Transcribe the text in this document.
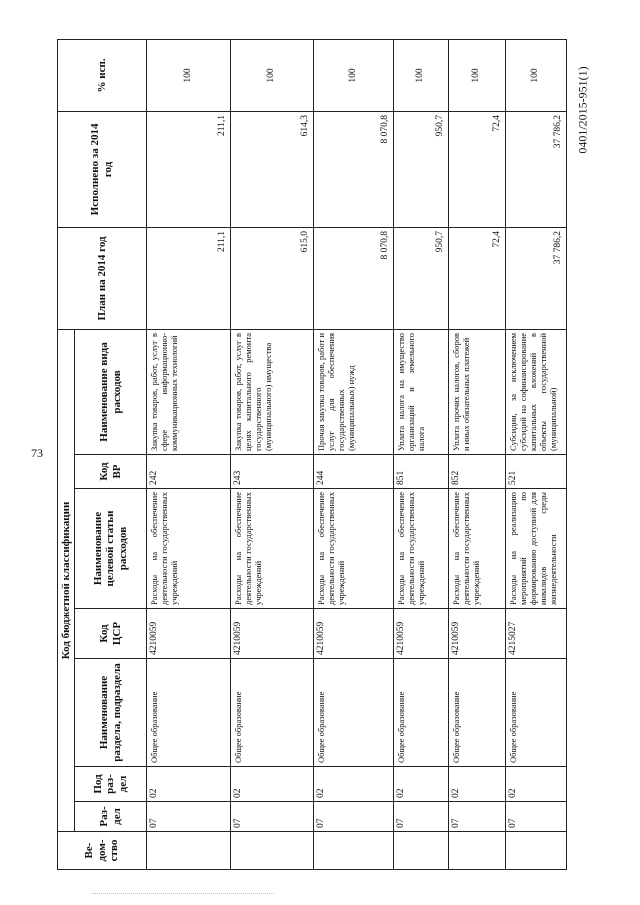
73
0401/2015-951(1)
Ве-дом-ство	Код бюджетной классификации							План на 2014 год	Исполнено за 2014 год	% исп.
	Раз-дел	Под раз-дел	Наименование раздела, подраздела	Код ЦСР	Наименование целевой статьи расходов	Код ВР	Наименование вида расходов			
	07	02	Общее образование	4210059	Расходы на обеспечение деятельности государственных учреждений	242	Закупка товаров, работ, услуг в сфере информационно-коммуникационных технологий	211,1	211,1	100
	07	02	Общее образование	4210059	Расходы на обеспечение деятельности государственных учреждений	243	Закупка товаров, работ, услуг в целях капитального ремонта государственного (муниципального) имущества	615,0	614,3	100
	07	02	Общее образование	4210059	Расходы на обеспечение деятельности государственных учреждений	244	Прочая закупка товаров, работ и услуг для обеспечения государственных (муниципальных) нужд	8 070,8	8 070,8	100
	07	02	Общее образование	4210059	Расходы на обеспечение деятельности государственных учреждений	851	Уплата налога на имущество организаций и земельного налога	950,7	950,7	100
	07	02	Общее образование	4210059	Расходы на обеспечение деятельности государственных учреждений	852	Уплата прочих налогов, сборов и иных обязательных платежей	72,4	72,4	100
	07	02	Общее образование	4215027	Расходы на реализацию мероприятий по формированию доступной для инвалидов среды жизнедеятельности	521	Субсидии, за исключением субсидий на софинансирование капитальных вложений в объекты государственной (муниципальной)	37 786,2	37 786,2	100
